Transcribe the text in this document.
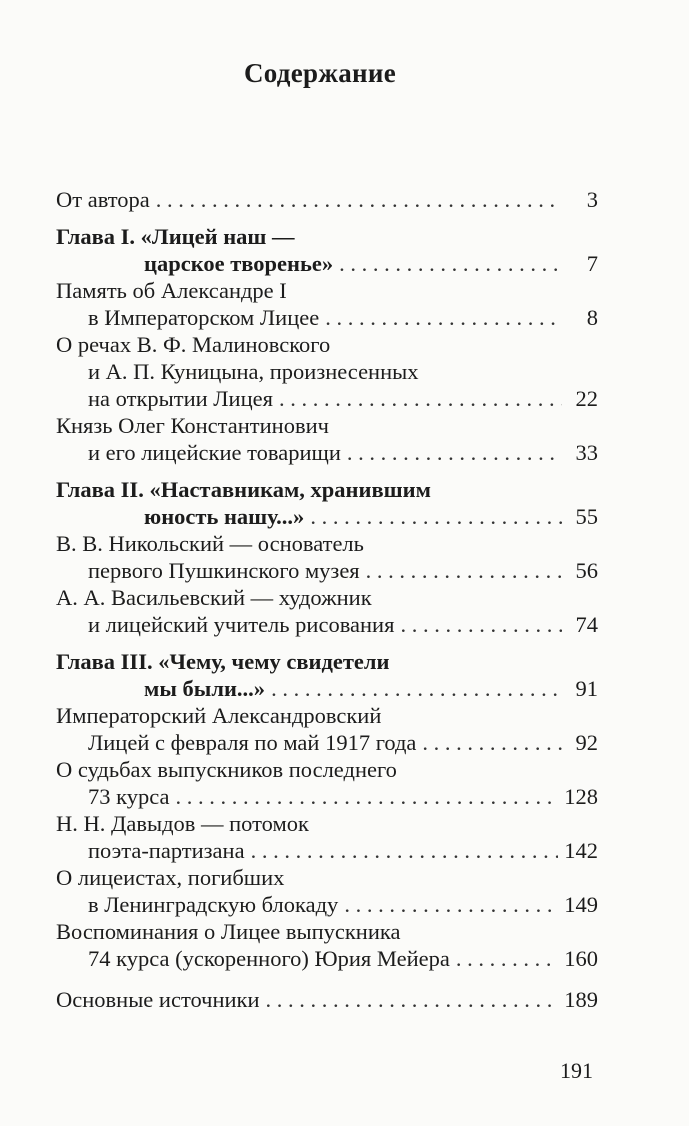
Содержание
От автора . . .	3
Глава I. «Лицей наш —
царское творенье» . . .	7
Память об Александре I
в Императорском Лицее . . .	8
О речах В. Ф. Малиновского
и А. П. Куницына, произнесенных
на открытии Лицея . . .	22
Князь Олег Константинович
и его лицейские товарищи . . .	33
Глава II. «Наставникам, хранившим
юность нашу...» . . .	55
В. В. Никольский — основатель
первого Пушкинского музея . . .	56
А. А. Васильевский — художник
и лицейский учитель рисования . . .	74
Глава III. «Чему, чему свидетели
мы были...» . . .	91
Императорский Александровский
Лицей с февраля по май 1917 года . . .	92
О судьбах выпускников последнего
73 курса . . .	128
Н. Н. Давыдов — потомок
поэта-партизана . . .	142
О лицеистах, погибших
в Ленинградскую блокаду . . .	149
Воспоминания о Лицее выпускника
74 курса (ускоренного) Юрия Мейера . . .	160
Основные источники . . .	189
191
